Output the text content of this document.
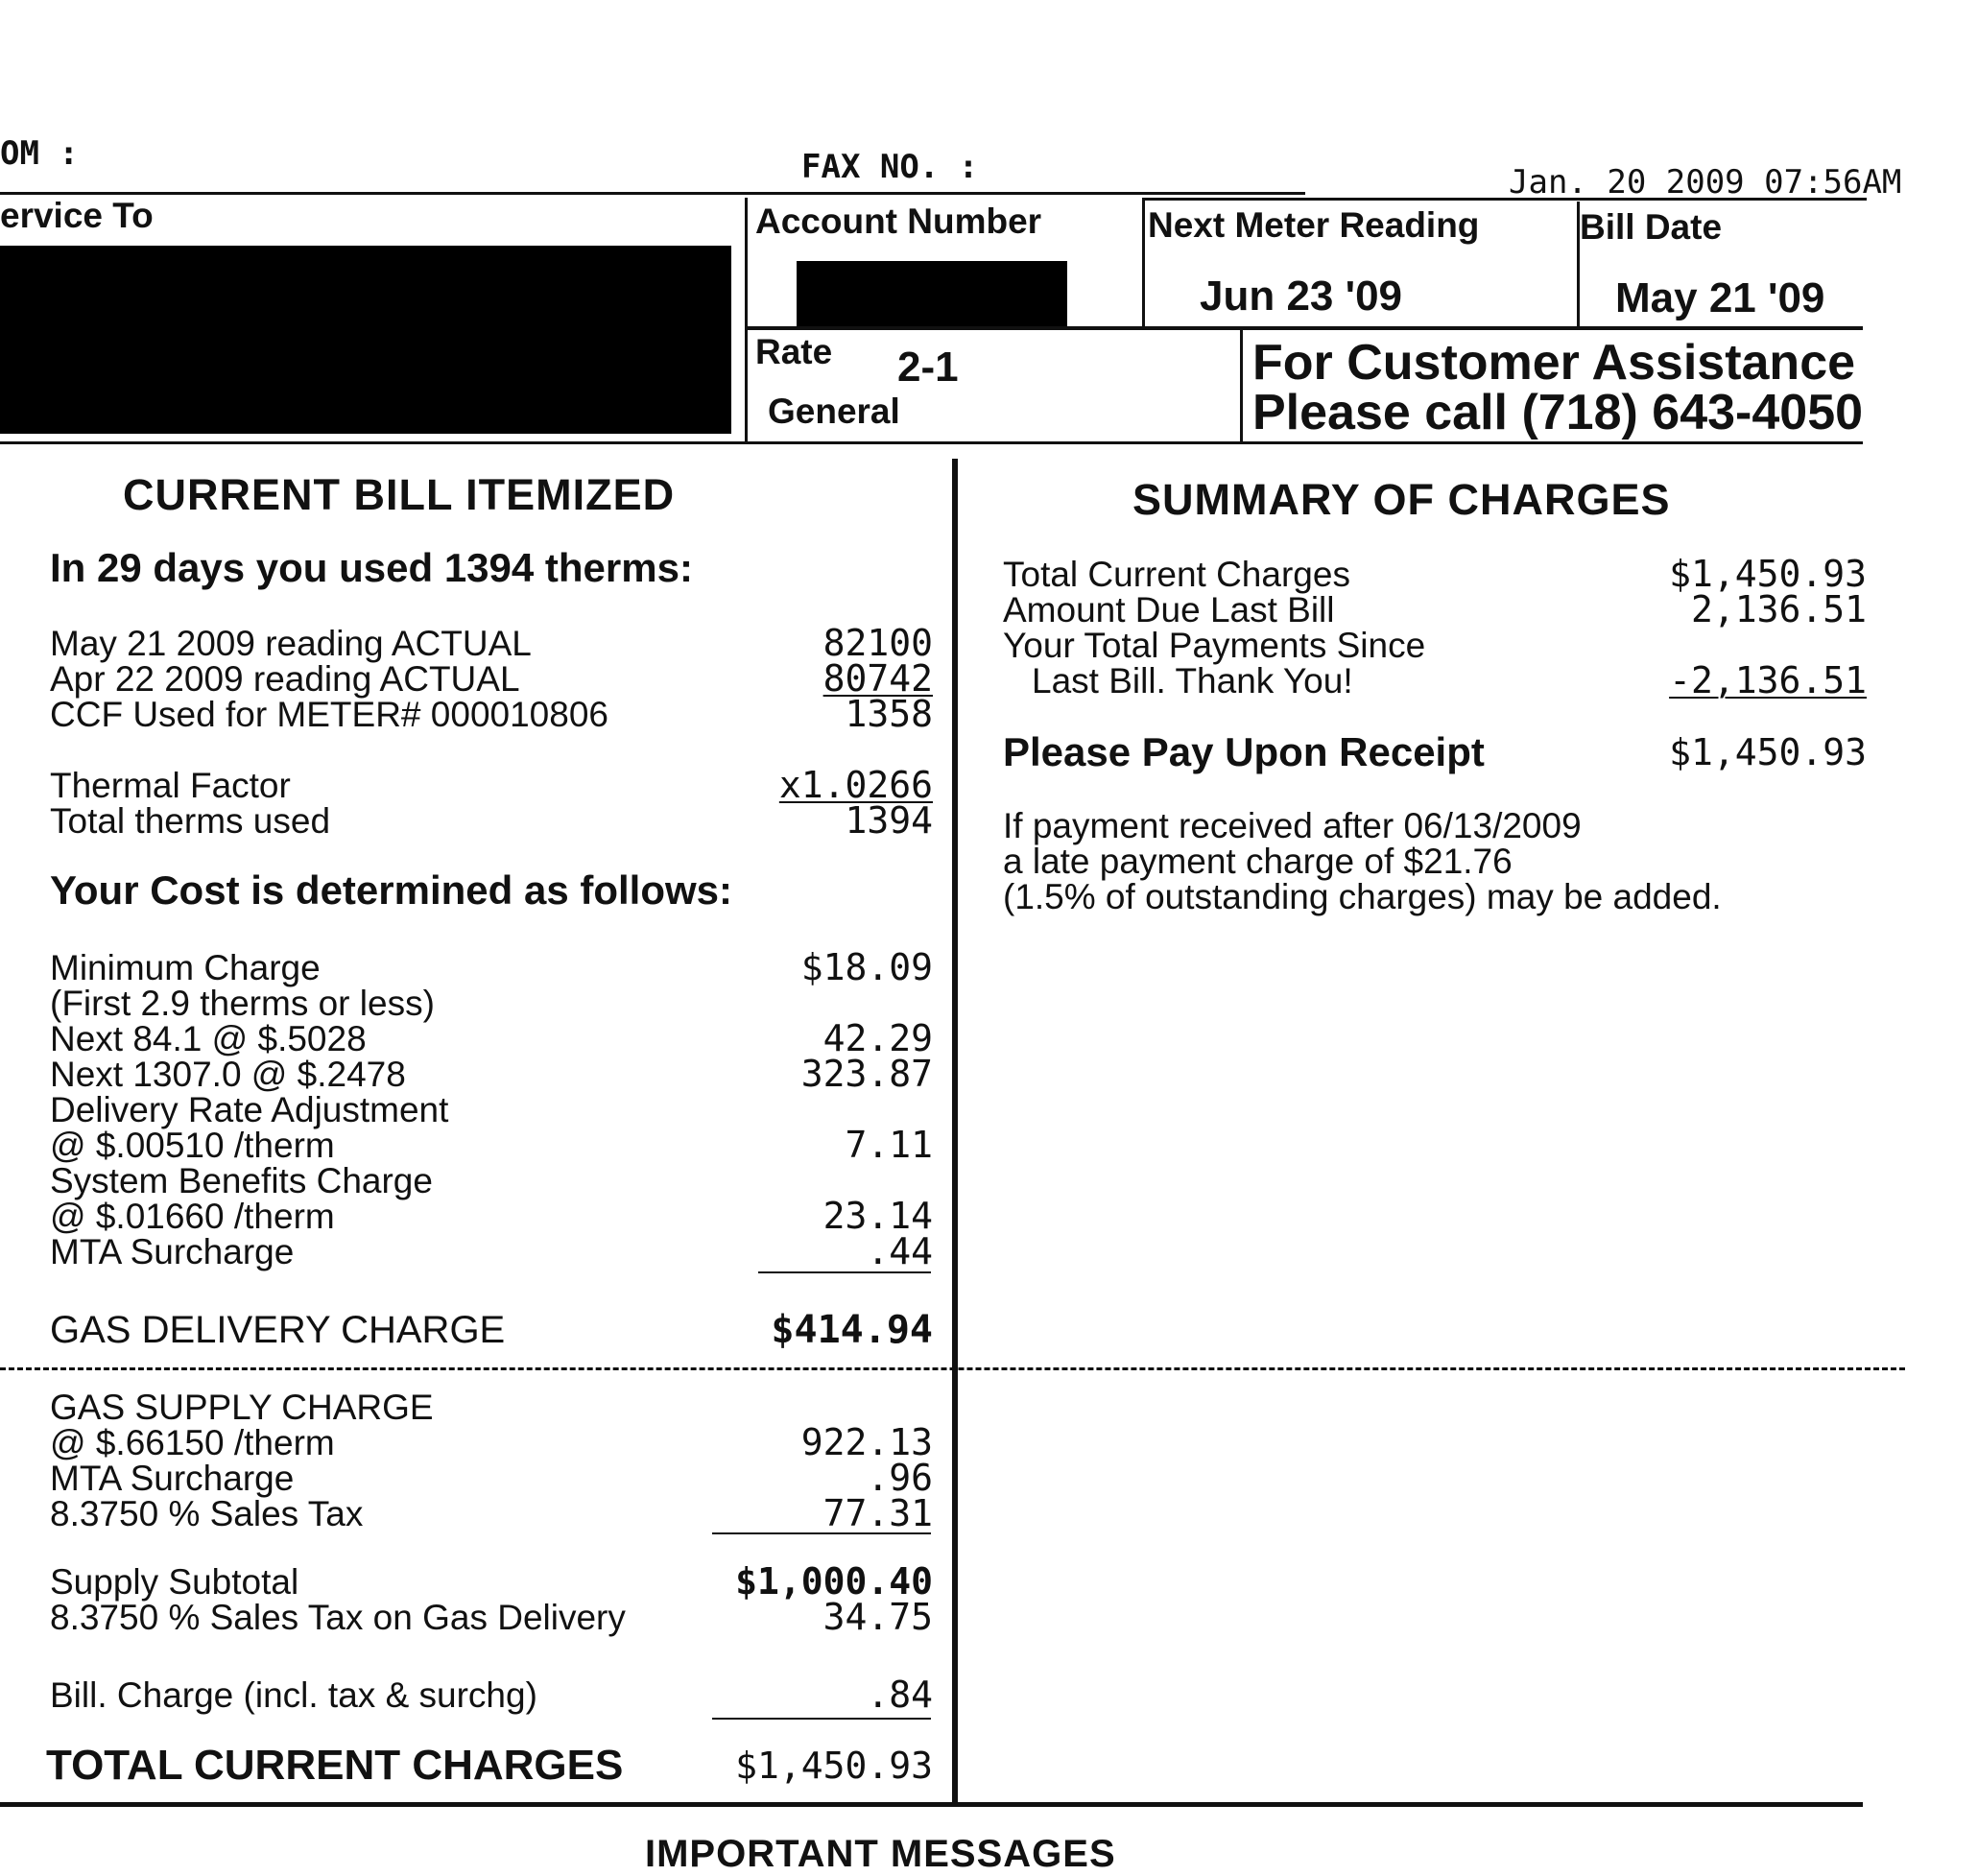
OM :	FAX NO. :	Jan. 20 2009 07:56AM
ervice To	Account Number	Next Meter Reading
Jun 23 '09
Bill Date
May 21 '09
Rate 2-1
General
For Customer Assistance
Please call (718) 643-4050
CURRENT BILL ITEMIZED
In 29 days you used 1394 therms:
May 21 2009 reading ACTUAL	82100
Apr 22 2009 reading ACTUAL	80742
CCF Used for METER# 000010806	1358
Thermal Factor	x1.0266
Total therms used	1394
Your Cost is determined as follows:
Minimum Charge	$18.09
(First 2.9 therms or less)
Next 84.1 @ $.5028	42.29
Next 1307.0 @ $.2478	323.87
Delivery Rate Adjustment
@ $.00510 /therm	7.11
System Benefits Charge
@ $.01660 /therm	23.14
MTA Surcharge	.44
GAS DELIVERY CHARGE	$414.94
GAS SUPPLY CHARGE
@ $.66150 /therm	922.13
MTA Surcharge	.96
8.3750 % Sales Tax	77.31
Supply Subtotal	$1,000.40
8.3750 % Sales Tax on Gas Delivery	34.75
Bill. Charge (incl. tax & surchg)	.84
TOTAL CURRENT CHARGES	$1,450.93
SUMMARY OF CHARGES
Total Current Charges	$1,450.93
Amount Due Last Bill	2,136.51
Your Total Payments Since
Last Bill. Thank You!	-2,136.51
Please Pay Upon Receipt	$1,450.93
If payment received after 06/13/2009
a late payment charge of $21.76
(1.5% of outstanding charges) may be added.
IMPORTANT MESSAGES
